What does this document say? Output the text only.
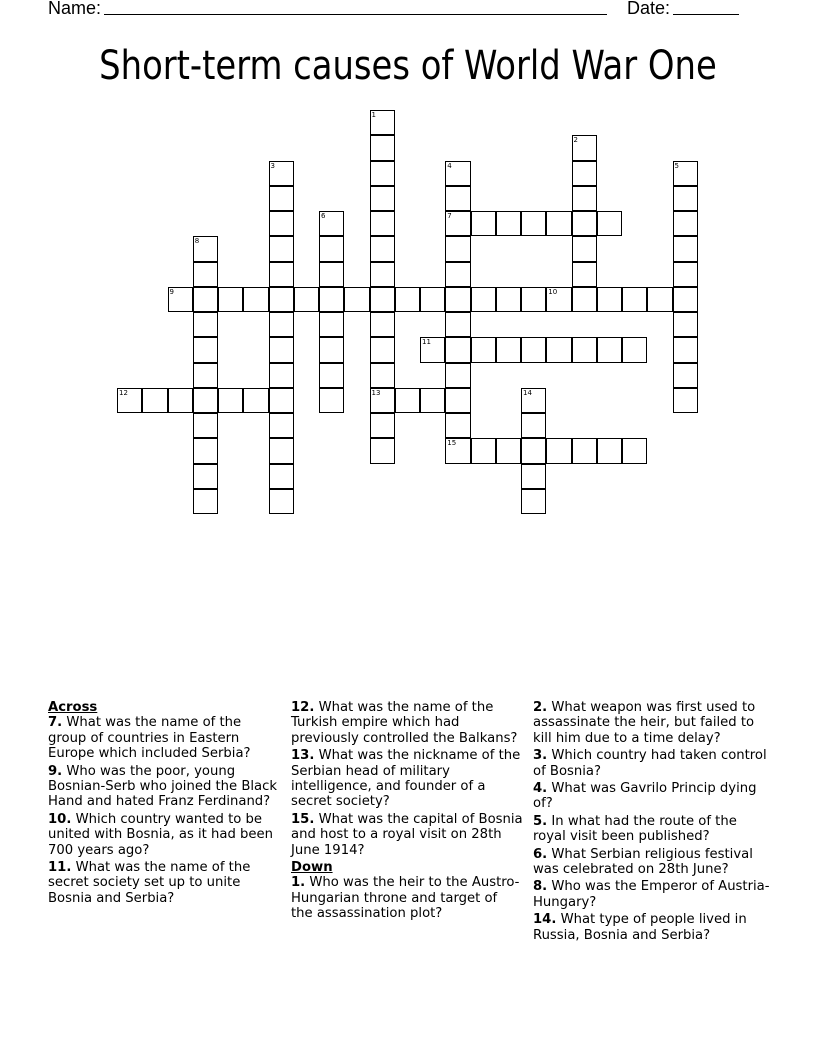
Name:	Date:
Short-term causes of World War One
1
13
2
3	4
7
5
6
8
9	10
11
12	14
15
Across
7. What was the name of the group of countries in Eastern Europe which included Serbia?
9. Who was the poor, young Bosnian-Serb who joined the Black Hand and hated Franz Ferdinand?
10. Which country wanted to be united with Bosnia, as it had been 700 years ago?
11. What was the name of the secret society set up to unite Bosnia and Serbia?
12. What was the name of the Turkish empire which had previously controlled the Balkans?
13. What was the nickname of the Serbian head of military intelligence, and founder of a secret society?
15. What was the capital of Bosnia and host to a royal visit on 28th June 1914?
Down
1. Who was the heir to the Austro-Hungarian throne and target of the assassination plot?
2. What weapon was first used to assassinate the heir, but failed to kill him due to a time delay?
3. Which country had taken control of Bosnia?
4. What was Gavrilo Princip dying of?
5. In what had the route of the royal visit been published?
6. What Serbian religious festival was celebrated on 28th June?
8. Who was the Emperor of Austria-Hungary?
14. What type of people lived in Russia, Bosnia and Serbia?
